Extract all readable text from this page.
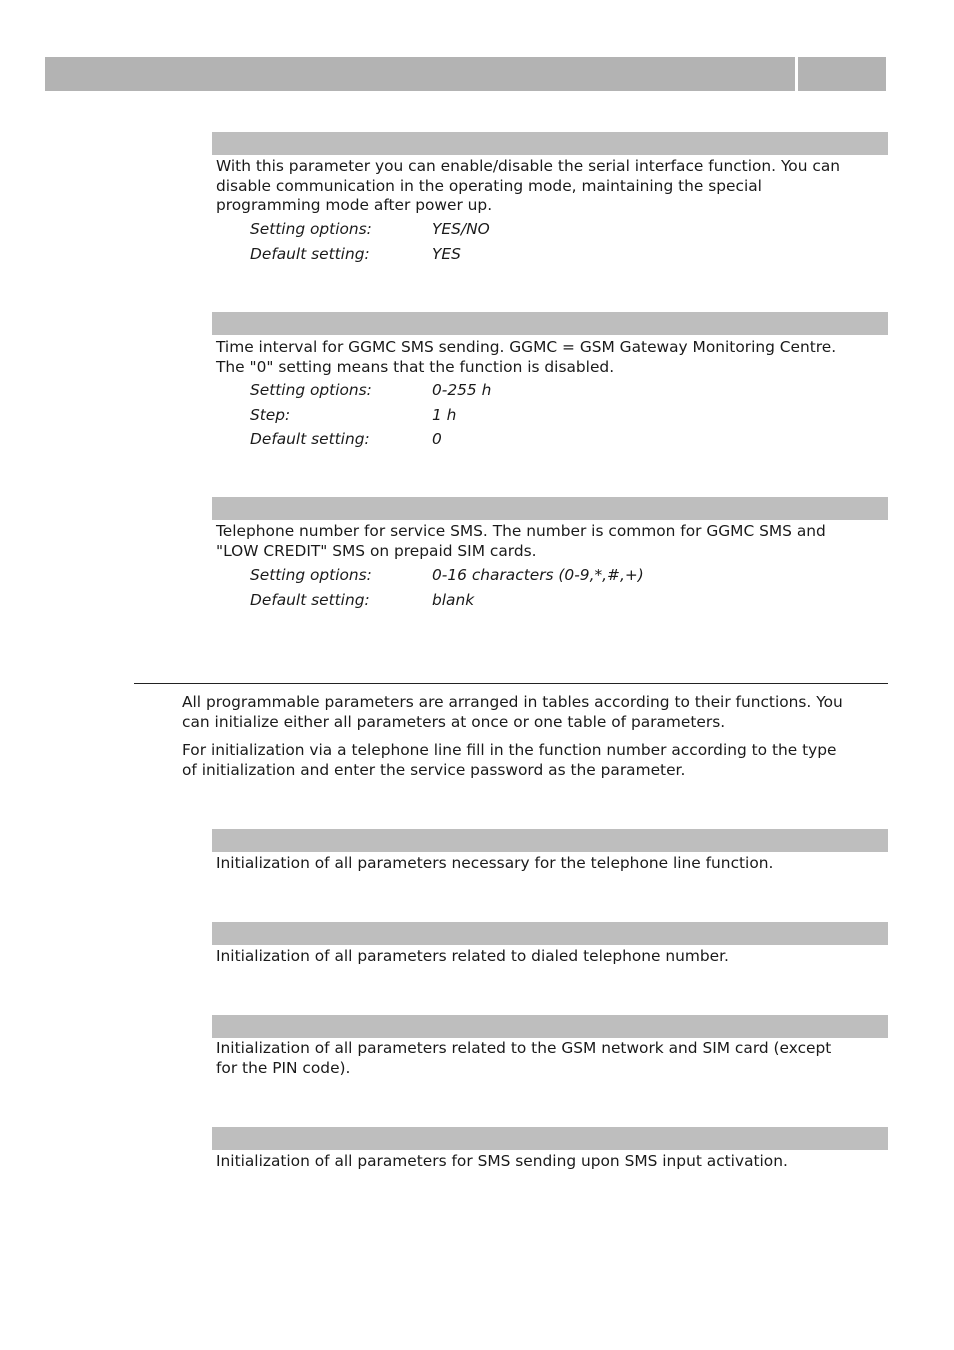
With this parameter you can enable/disable the serial interface function. You can
disable communication in the operating mode, maintaining the special
programming mode after power up.

Setting options:	YES/NO
Default setting:	YES

Time interval for GGMC SMS sending. GGMC = GSM Gateway Monitoring Centre.
The "0" setting means that the function is disabled.

Setting options:	0-255 h
Step:	1 h
Default setting:	0

Telephone number for service SMS. The number is common for GGMC SMS and
"LOW CREDIT" SMS on prepaid SIM cards.

Setting options:	0-16 characters (0-9,*,#,+)
Default setting:	blank

All programmable parameters are arranged in tables according to their functions. You
can initialize either all parameters at once or one table of parameters.

For initialization via a telephone line fill in the function number according to the type
of initialization and enter the service password as the parameter.

Initialization of all parameters necessary for the telephone line function.

Initialization of all parameters related to dialed telephone number.

Initialization of all parameters related to the GSM network and SIM card (except
for the PIN code).

Initialization of all parameters for SMS sending upon SMS input activation.
